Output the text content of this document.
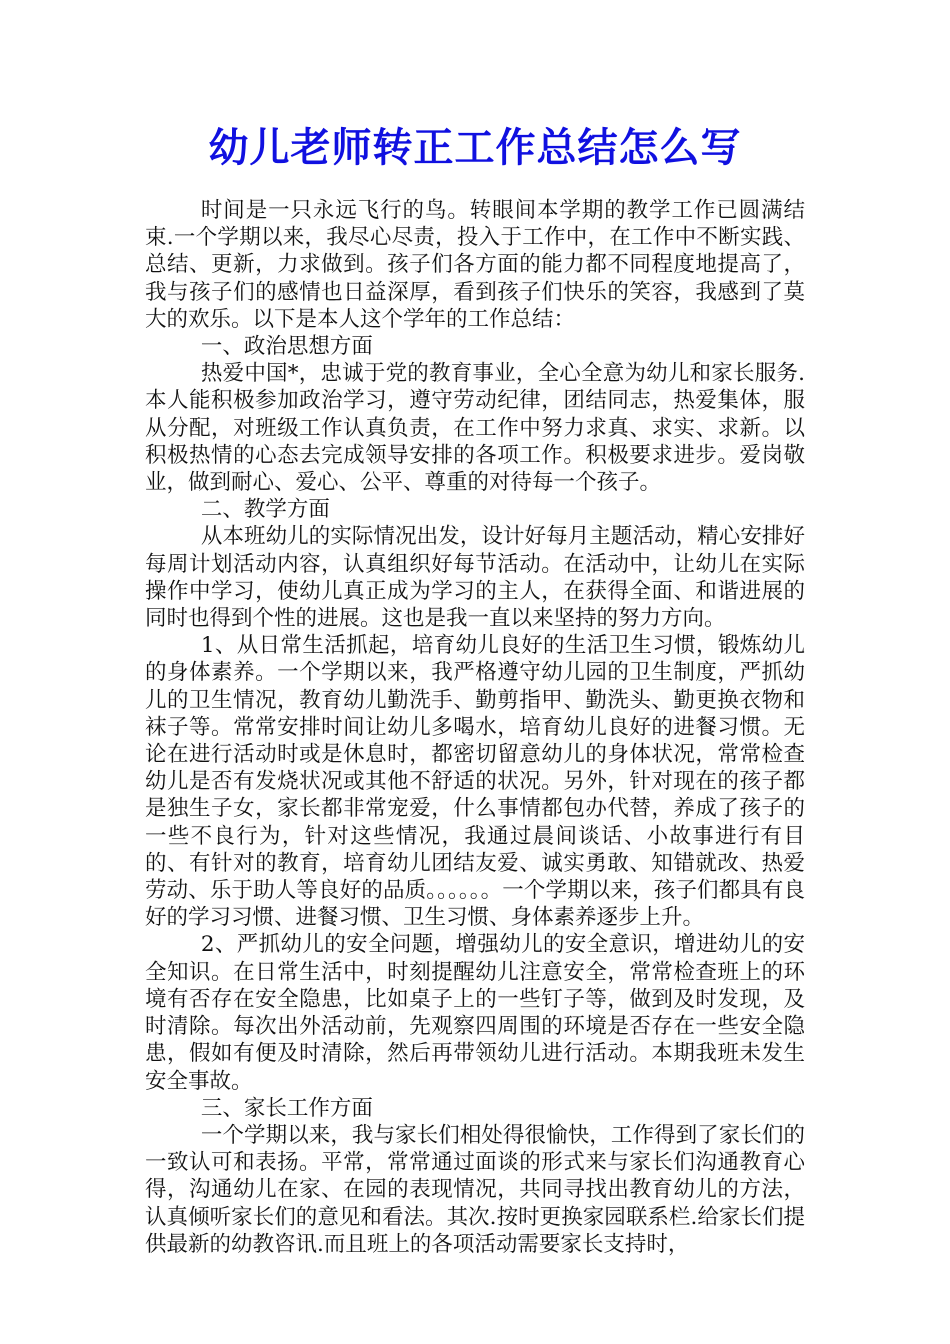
幼儿老师转正工作总结怎么写

时间是一只永远飞行的鸟。转眼间本学期的教学工作已圆满结束.一个学期以来，我尽心尽责，投入于工作中，在工作中不断实践、总结、更新，力求做到。孩子们各方面的能力都不同程度地提高了，我与孩子们的感情也日益深厚，看到孩子们快乐的笑容，我感到了莫大的欢乐。以下是本人这个学年的工作总结：

一、政治思想方面

热爱中国*，忠诚于党的教育事业，全心全意为幼儿和家长服务.本人能积极参加政治学习，遵守劳动纪律，团结同志，热爱集体，服从分配，对班级工作认真负责，在工作中努力求真、求实、求新。以积极热情的心态去完成领导安排的各项工作。积极要求进步。爱岗敬业，做到耐心、爱心、公平、尊重的对待每一个孩子。

二、教学方面

从本班幼儿的实际情况出发，设计好每月主题活动，精心安排好每周计划活动内容，认真组织好每节活动。在活动中，让幼儿在实际操作中学习，使幼儿真正成为学习的主人，在获得全面、和谐进展的同时也得到个性的进展。这也是我一直以来坚持的努力方向。

1、从日常生活抓起，培育幼儿良好的生活卫生习惯，锻炼幼儿的身体素养。一个学期以来，我严格遵守幼儿园的卫生制度，严抓幼儿的卫生情况，教育幼儿勤洗手、勤剪指甲、勤洗头、勤更换衣物和袜子等。常常安排时间让幼儿多喝水，培育幼儿良好的进餐习惯。无论在进行活动时或是休息时，都密切留意幼儿的身体状况，常常检查幼儿是否有发烧状况或其他不舒适的状况。另外，针对现在的孩子都是独生子女，家长都非常宠爱，什么事情都包办代替，养成了孩子的一些不良行为，针对这些情况，我通过晨间谈话、小故事进行有目的、有针对的教育，培育幼儿团结友爱、诚实勇敢、知错就改、热爱劳动、乐于助人等良好的品质。。。。。。一个学期以来，孩子们都具有良好的学习习惯、进餐习惯、卫生习惯、身体素养逐步上升。

2、严抓幼儿的安全问题，增强幼儿的安全意识，增进幼儿的安全知识。在日常生活中，时刻提醒幼儿注意安全，常常检查班上的环境有否存在安全隐患，比如桌子上的一些钉子等，做到及时发现，及时清除。每次出外活动前，先观察四周围的环境是否存在一些安全隐患，假如有便及时清除，然后再带领幼儿进行活动。本期我班未发生安全事故。

三、家长工作方面

一个学期以来，我与家长们相处得很愉快，工作得到了家长们的一致认可和表扬。平常，常常通过面谈的形式来与家长们沟通教育心得，沟通幼儿在家、在园的表现情况，共同寻找出教育幼儿的方法，认真倾听家长们的意见和看法。其次.按时更换家园联系栏.给家长们提供最新的幼教咨讯.而且班上的各项活动需要家长支持时，
